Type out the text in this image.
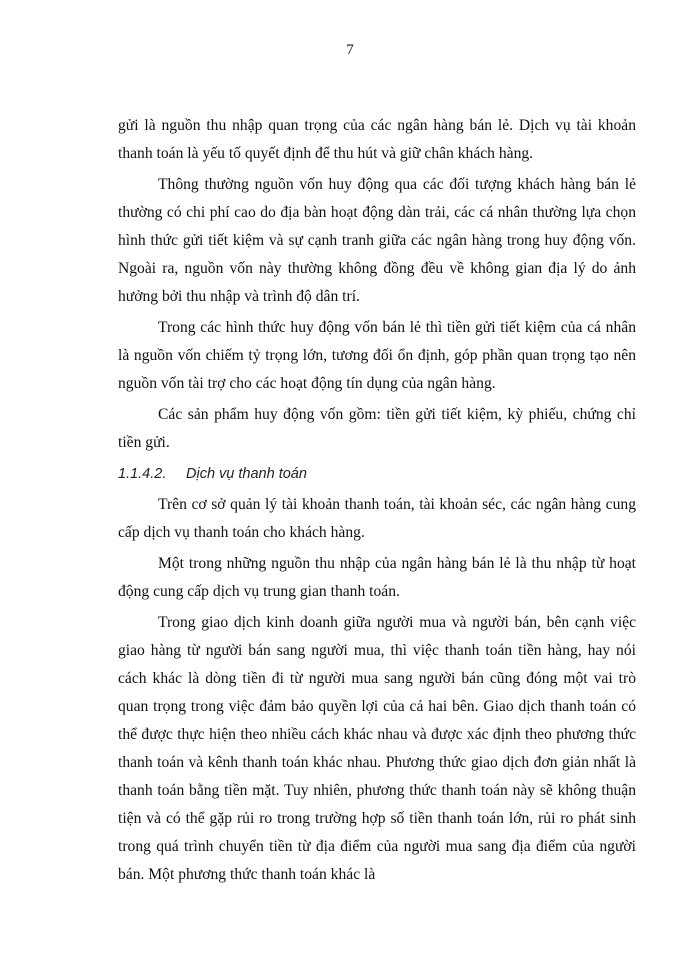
7

gửi là nguồn thu nhập quan trọng của các ngân hàng bán lẻ. Dịch vụ tài khoản thanh toán là yếu tố quyết định để thu hút và giữ chân khách hàng.

Thông thường nguồn vốn huy động qua các đối tượng khách hàng bán lẻ thường có chi phí cao do địa bàn hoạt động dàn trải, các cá nhân thường lựa chọn hình thức gửi tiết kiệm và sự cạnh tranh giữa các ngân hàng trong huy động vốn. Ngoài ra, nguồn vốn này thường không đồng đều về không gian địa lý do ảnh hưởng bởi thu nhập và trình độ dân trí.

Trong các hình thức huy động vốn bán lẻ thì tiền gửi tiết kiệm của cá nhân là nguồn vốn chiếm tỷ trọng lớn, tương đối ổn định, góp phần quan trọng tạo nên nguồn vốn tài trợ cho các hoạt động tín dụng của ngân hàng.

Các sản phẩm huy động vốn gồm: tiền gửi tiết kiệm, kỳ phiếu, chứng chỉ tiền gửi.

1.1.4.2. Dịch vụ thanh toán

Trên cơ sở quản lý tài khoản thanh toán, tài khoản séc, các ngân hàng cung cấp dịch vụ thanh toán cho khách hàng.

Một trong những nguồn thu nhập của ngân hàng bán lẻ là thu nhập từ hoạt động cung cấp dịch vụ trung gian thanh toán.

Trong giao dịch kinh doanh giữa người mua và người bán, bên cạnh việc giao hàng từ người bán sang người mua, thì việc thanh toán tiền hàng, hay nói cách khác là dòng tiền đi từ người mua sang người bán cũng đóng một vai trò quan trọng trong việc đảm bảo quyền lợi của cả hai bên. Giao dịch thanh toán có thể được thực hiện theo nhiều cách khác nhau và được xác định theo phương thức thanh toán và kênh thanh toán khác nhau. Phương thức giao dịch đơn giản nhất là thanh toán bằng tiền mặt. Tuy nhiên, phương thức thanh toán này sẽ không thuận tiện và có thể gặp rủi ro trong trường hợp số tiền thanh toán lớn, rủi ro phát sinh trong quá trình chuyển tiền từ địa điểm của người mua sang địa điểm của người bán. Một phương thức thanh toán khác là
